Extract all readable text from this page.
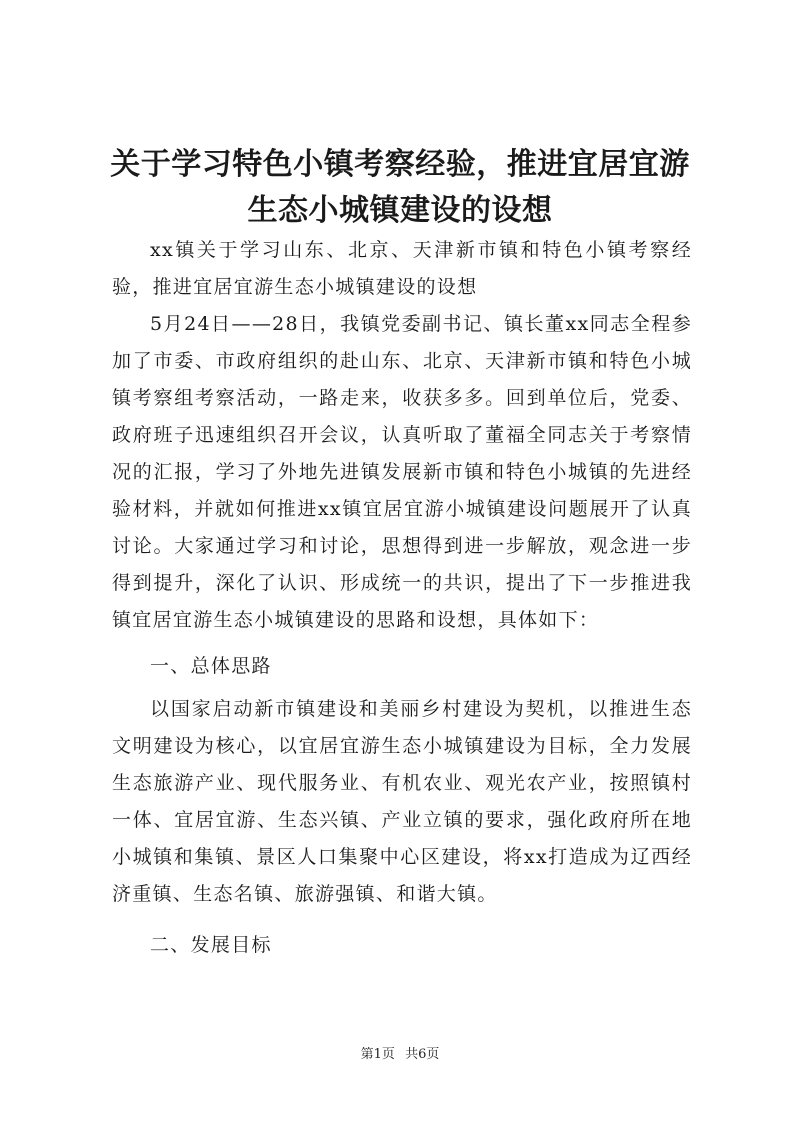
关于学习特色小镇考察经验，推进宜居宜游生态小城镇建设的设想

xx镇关于学习山东、北京、天津新市镇和特色小镇考察经验，推进宜居宜游生态小城镇建设的设想

5月24日——28日，我镇党委副书记、镇长董xx同志全程参加了市委、市政府组织的赴山东、北京、天津新市镇和特色小城镇考察组考察活动，一路走来，收获多多。回到单位后，党委、政府班子迅速组织召开会议，认真听取了董福全同志关于考察情况的汇报，学习了外地先进镇发展新市镇和特色小城镇的先进经验材料，并就如何推进xx镇宜居宜游小城镇建设问题展开了认真讨论。大家通过学习和讨论，思想得到进一步解放，观念进一步得到提升，深化了认识、形成统一的共识，提出了下一步推进我镇宜居宜游生态小城镇建设的思路和设想，具体如下：

一、总体思路

以国家启动新市镇建设和美丽乡村建设为契机，以推进生态文明建设为核心，以宜居宜游生态小城镇建设为目标，全力发展生态旅游产业、现代服务业、有机农业、观光农产业，按照镇村一体、宜居宜游、生态兴镇、产业立镇的要求，强化政府所在地小城镇和集镇、景区人口集聚中心区建设，将xx打造成为辽西经济重镇、生态名镇、旅游强镇、和谐大镇。

二、发展目标

第1页 共6页
